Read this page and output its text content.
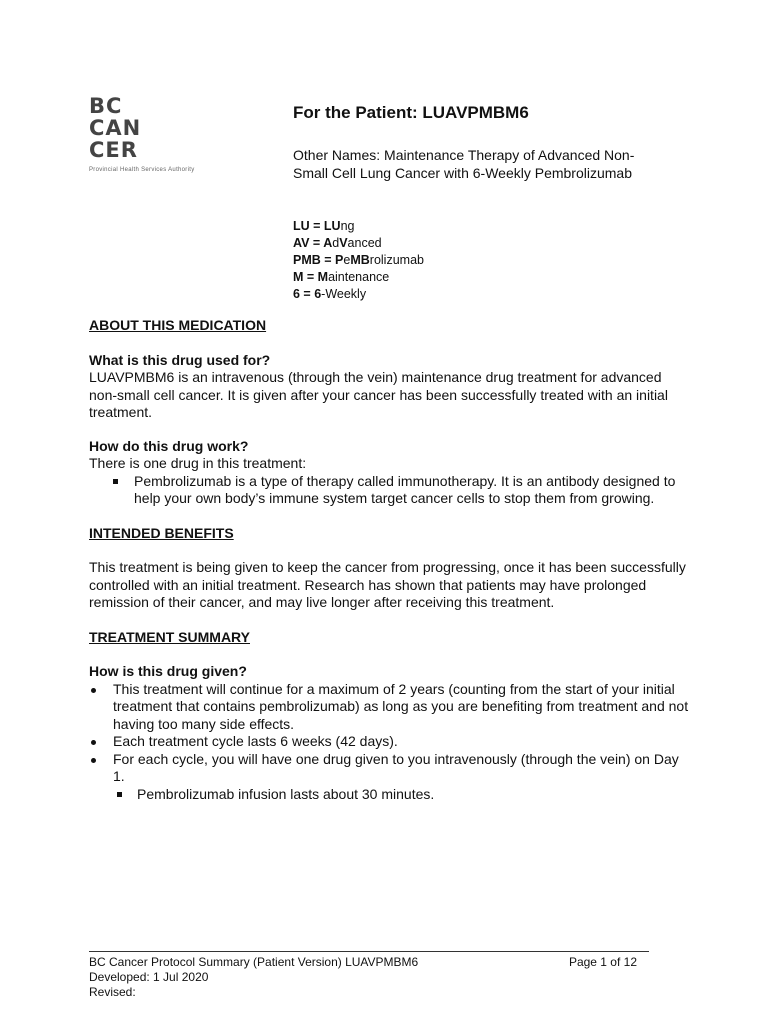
BC
CAN
CER
Provincial Health Services Authority
For the Patient: LUAVPMBM6
Other Names: Maintenance Therapy of Advanced Non-Small Cell Lung Cancer with 6-Weekly Pembrolizumab
LU = LUng
AV = AdVanced
PMB = PeMBrolizumab
M = Maintenance
6 = 6-Weekly

ABOUT THIS MEDICATION

What is this drug used for?

LUAVPMBM6 is an intravenous (through the vein) maintenance drug treatment for advanced non-small cell cancer. It is given after your cancer has been successfully treated with an initial treatment.

How do this drug work?

There is one drug in this treatment:

Pembrolizumab is a type of therapy called immunotherapy. It is an antibody designed to help your own body’s immune system target cancer cells to stop them from growing.

INTENDED BENEFITS

This treatment is being given to keep the cancer from progressing, once it has been successfully controlled with an initial treatment. Research has shown that patients may have prolonged remission of their cancer, and may live longer after receiving this treatment.

TREATMENT SUMMARY

How is this drug given?

This treatment will continue for a maximum of 2 years (counting from the start of your initial treatment that contains pembrolizumab) as long as you are benefiting from treatment and not having too many side effects.
Each treatment cycle lasts 6 weeks (42 days).
For each cycle, you will have one drug given to you intravenously (through the vein) on Day 1.
Pembrolizumab infusion lasts about 30 minutes.
BC Cancer Protocol Summary (Patient Version) LUAVPMBM6	Page 1 of 12
Developed: 1 Jul 2020
Revised:
